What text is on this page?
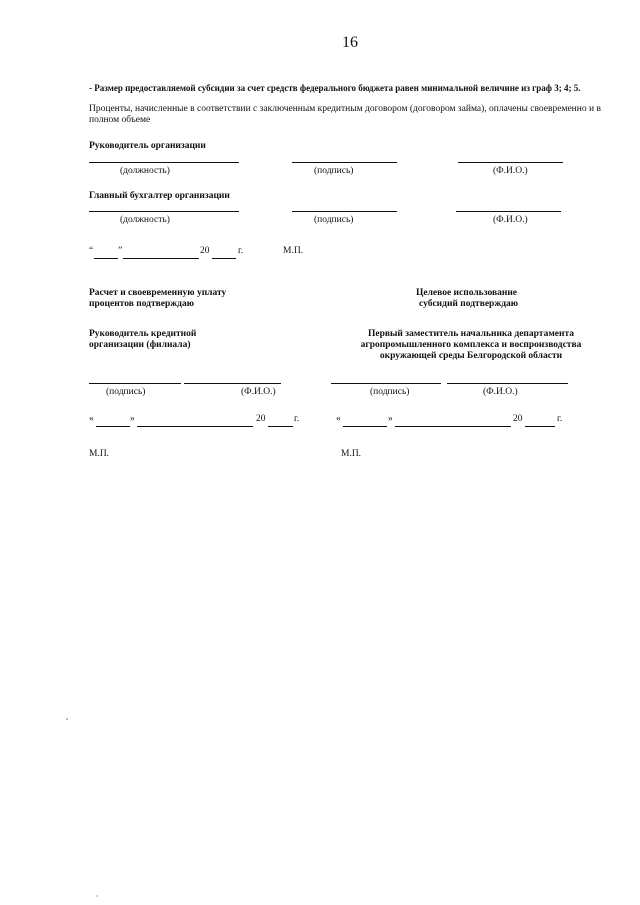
16
- Размер предоставляемой субсидии за счет средств федерального бюджета равен минимальной величине из граф 3; 4; 5.
Проценты, начисленные в соответствии с заключенным кредитным договором (договором займа), оплачены своевременно и в полном объеме
Руководитель организации
(должность)	(подпись)	(Ф.И.О.)
Главный бухгалтер организации
(должность)	(подпись)	(Ф.И.О.)
“	”	20	г.	М.П.
Расчет и своевременную уплату
процентов подтверждаю
Руководитель кредитной
организации (филиала)
Целевое использование
субсидий подтверждаю
Первый заместитель начальника департамента
агропромышленного комплекса и воспроизводства
окружающей среды Белгородской области
(подпись)	(Ф.И.О.)	(подпись)	(Ф.И.О.)
«	»	20	г.	«	»	20	г.
М.П.	М.П.
